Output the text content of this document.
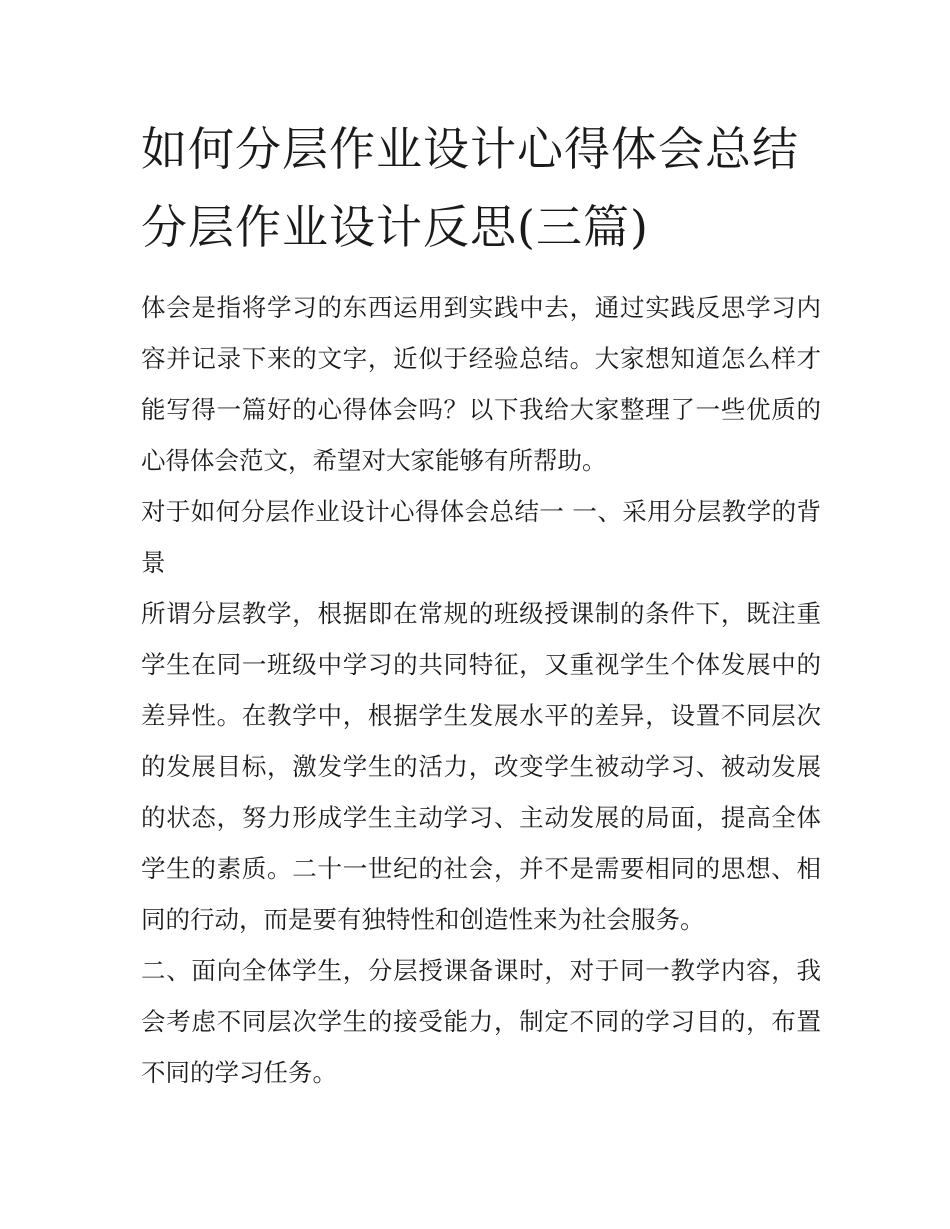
如何分层作业设计心得体会总结 分层作业设计反思(三篇)

体会是指将学习的东西运用到实践中去，通过实践反思学习内容并记录下来的文字，近似于经验总结。大家想知道怎么样才能写得一篇好的心得体会吗？以下我给大家整理了一些优质的心得体会范文，希望对大家能够有所帮助。

对于如何分层作业设计心得体会总结一 一、采用分层教学的背景

所谓分层教学，根据即在常规的班级授课制的条件下，既注重学生在同一班级中学习的共同特征，又重视学生个体发展中的差异性。在教学中，根据学生发展水平的差异，设置不同层次的发展目标，激发学生的活力，改变学生被动学习、被动发展的状态，努力形成学生主动学习、主动发展的局面，提高全体学生的素质。二十一世纪的社会，并不是需要相同的思想、相同的行动，而是要有独特性和创造性来为社会服务。

二、面向全体学生，分层授课备课时，对于同一教学内容，我会考虑不同层次学生的接受能力，制定不同的学习目的，布置不同的学习任务。
